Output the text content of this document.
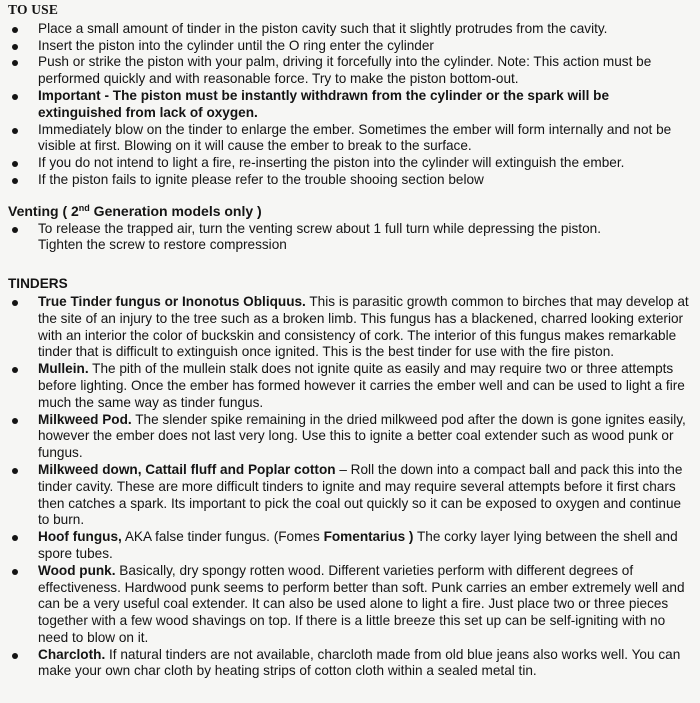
TO USE
Place a small amount of tinder in the piston cavity such that it slightly protrudes from the cavity.
Insert the piston into the cylinder until the O ring enter the cylinder
Push or strike the piston with your palm, driving it forcefully into the cylinder. Note: This action must be performed quickly and with reasonable force. Try to make the piston bottom-out.
Important - The piston must be instantly withdrawn from the cylinder or the spark will be extinguished from lack of oxygen.
Immediately blow on the tinder to enlarge the ember. Sometimes the ember will form internally and not be visible at first. Blowing on it will cause the ember to break to the surface.
If you do not intend to light a fire, re-inserting the piston into the cylinder will extinguish the ember.
If the piston fails to ignite please refer to the trouble shooing section below
Venting ( 2nd Generation models only )
To release the trapped air, turn the venting screw about 1 full turn while depressing the piston.
Tighten the screw to restore compression
TINDERS
True Tinder fungus or Inonotus Obliquus. This is parasitic growth common to birches that may develop at the site of an injury to the tree such as a broken limb. This fungus has a blackened, charred looking exterior with an interior the color of buckskin and consistency of cork. The interior of this fungus makes remarkable tinder that is difficult to extinguish once ignited. This is the best tinder for use with the fire piston.
Mullein. The pith of the mullein stalk does not ignite quite as easily and may require two or three attempts before lighting. Once the ember has formed however it carries the ember well and can be used to light a fire much the same way as tinder fungus.
Milkweed Pod. The slender spike remaining in the dried milkweed pod after the down is gone ignites easily, however the ember does not last very long. Use this to ignite a better coal extender such as wood punk or fungus.
Milkweed down, Cattail fluff and Poplar cotton – Roll the down into a compact ball and pack this into the tinder cavity. These are more difficult tinders to ignite and may require several attempts before it first chars then catches a spark. Its important to pick the coal out quickly so it can be exposed to oxygen and continue to burn.
Hoof fungus, AKA false tinder fungus. (Fomes Fomentarius ) The corky layer lying between the shell and spore tubes.
Wood punk. Basically, dry spongy rotten wood. Different varieties perform with different degrees of effectiveness. Hardwood punk seems to perform better than soft. Punk carries an ember extremely well and can be a very useful coal extender. It can also be used alone to light a fire. Just place two or three pieces together with a few wood shavings on top. If there is a little breeze this set up can be self-igniting with no need to blow on it.
Charcloth. If natural tinders are not available, charcloth made from old blue jeans also works well. You can make your own char cloth by heating strips of cotton cloth within a sealed metal tin.
